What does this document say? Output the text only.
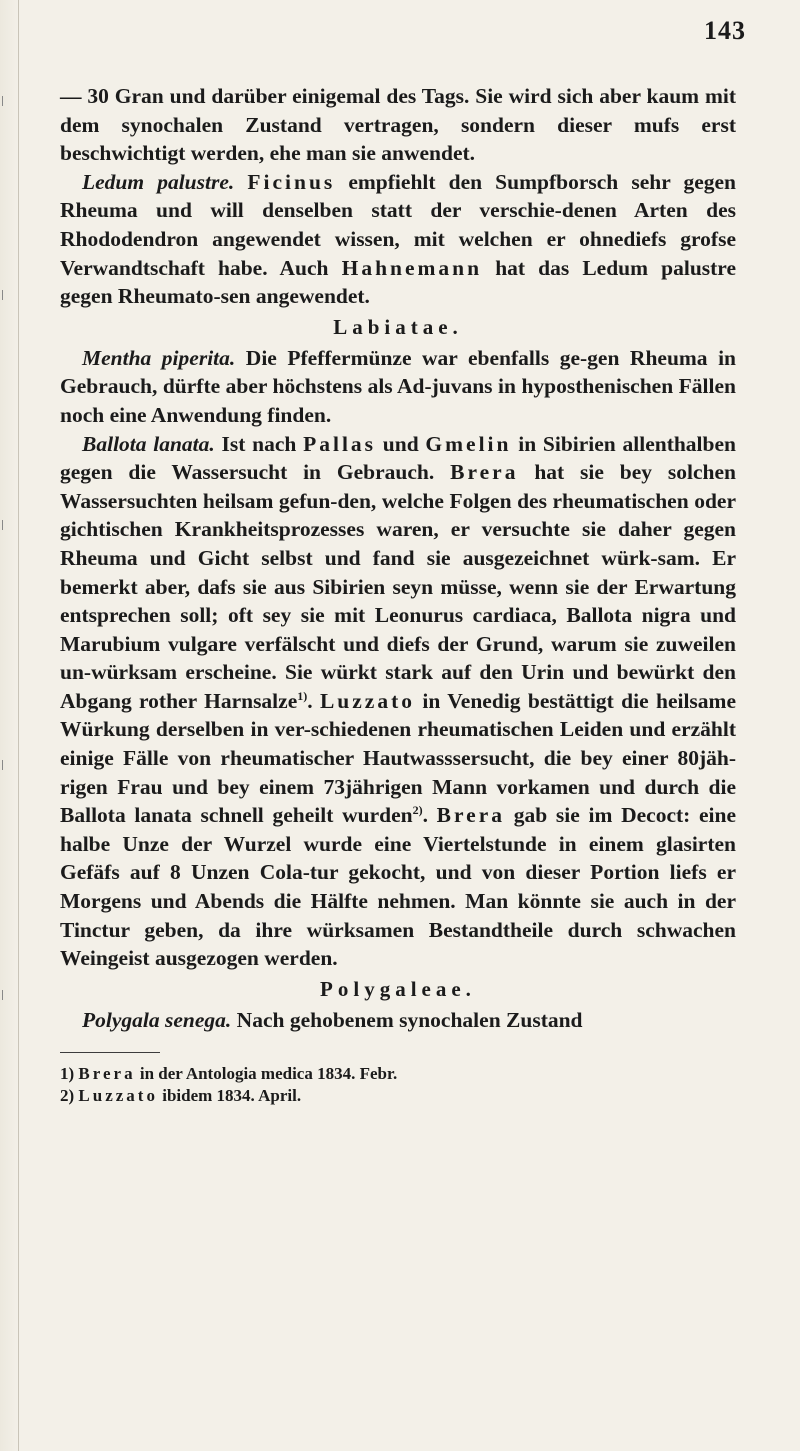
143

— 30 Gran und darüber einigemal des Tags. Sie wird sich aber kaum mit dem synochalen Zustand vertragen, sondern dieser mufs erst beschwichtigt werden, ehe man sie anwendet.

Ledum palustre. Ficinus empfiehlt den Sumpfborsch sehr gegen Rheuma und will denselben statt der verschie-denen Arten des Rhododendron angewendet wissen, mit welchen er ohnediefs grofse Verwandtschaft habe. Auch Hahnemann hat das Ledum palustre gegen Rheumato-sen angewendet.

Labiatae.

Mentha piperita. Die Pfeffermünze war ebenfalls ge-gen Rheuma in Gebrauch, dürfte aber höchstens als Ad-juvans in hyposthenischen Fällen noch eine Anwendung finden.

Ballota lanata. Ist nach Pallas und Gmelin in Sibirien allenthalben gegen die Wassersucht in Gebrauch. Brera hat sie bey solchen Wassersuchten heilsam gefun-den, welche Folgen des rheumatischen oder gichtischen Krankheitsprozesses waren, er versuchte sie daher gegen Rheuma und Gicht selbst und fand sie ausgezeichnet würk-sam. Er bemerkt aber, dafs sie aus Sibirien seyn müsse, wenn sie der Erwartung entsprechen soll; oft sey sie mit Leonurus cardiaca, Ballota nigra und Marubium vulgare verfälscht und diefs der Grund, warum sie zuweilen un-würksam erscheine. Sie würkt stark auf den Urin und bewürkt den Abgang rother Harnsalze$^{1)}$. Luzzato in Venedig bestättigt die heilsame Würkung derselben in ver-schiedenen rheumatischen Leiden und erzählt einige Fälle von rheumatischer Hautwasssersucht, die bey einer 80jäh-rigen Frau und bey einem 73jährigen Mann vorkamen und durch die Ballota lanata schnell geheilt wurden$^{2)}$. Brera gab sie im Decoct: eine halbe Unze der Wurzel wurde eine Viertelstunde in einem glasirten Gefäfs auf 8 Unzen Cola-tur gekocht, und von dieser Portion liefs er Morgens und Abends die Hälfte nehmen. Man könnte sie auch in der Tinctur geben, da ihre würksamen Bestandtheile durch schwachen Weingeist ausgezogen werden.

Polygaleae.

Polygala senega. Nach gehobenem synochalen Zustand

1) Brera in der Antologia medica 1834. Febr.

2) Luzzato ibidem 1834. April.
